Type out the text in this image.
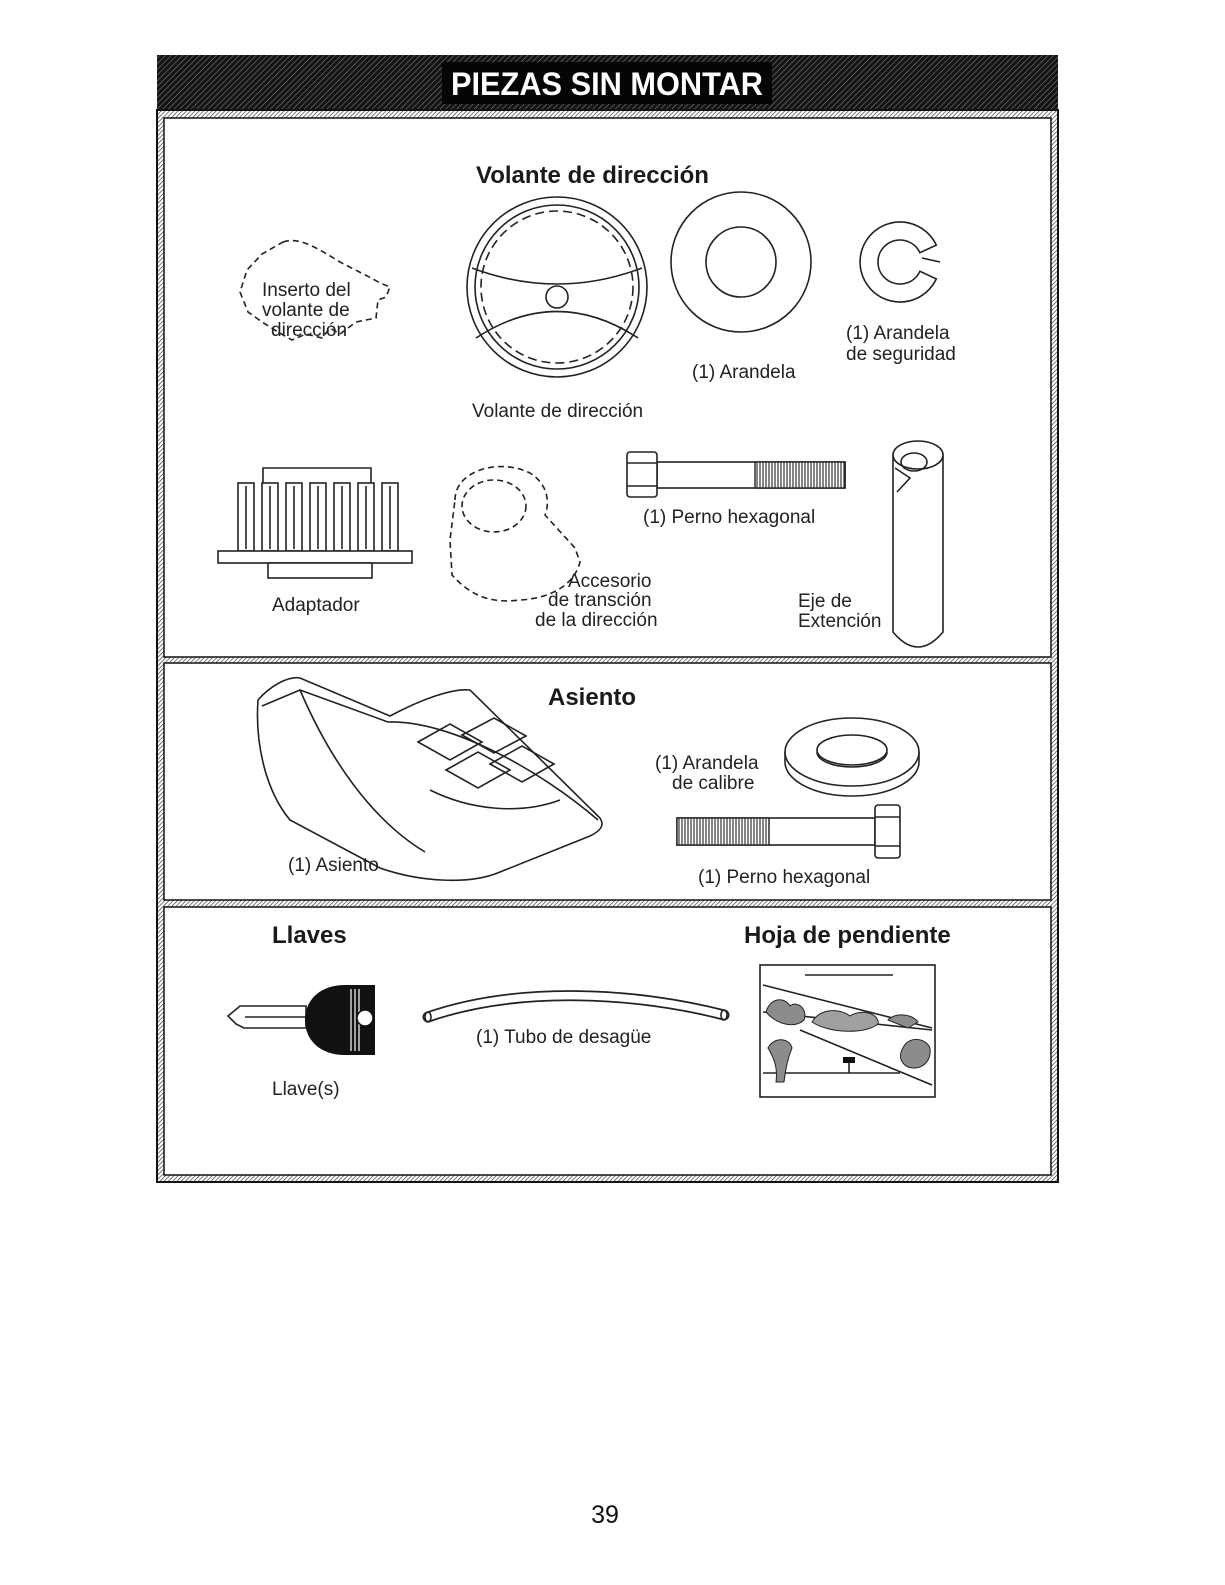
PIEZAS SIN MONTAR
Volante de dirección
Inserto del
volante de
dirección
Volante de dirección
(1) Arandela
(1) Arandela
de seguridad
Adaptador
Accesorio
de transción
de la dirección
(1) Perno hexagonal
Eje de
Extención
Asiento
(1) Asiento
(1) Arandela
de calibre
(1) Perno hexagonal
Llaves	Hoja de pendiente
Llave(s)
(1) Tubo de desagüe
39
